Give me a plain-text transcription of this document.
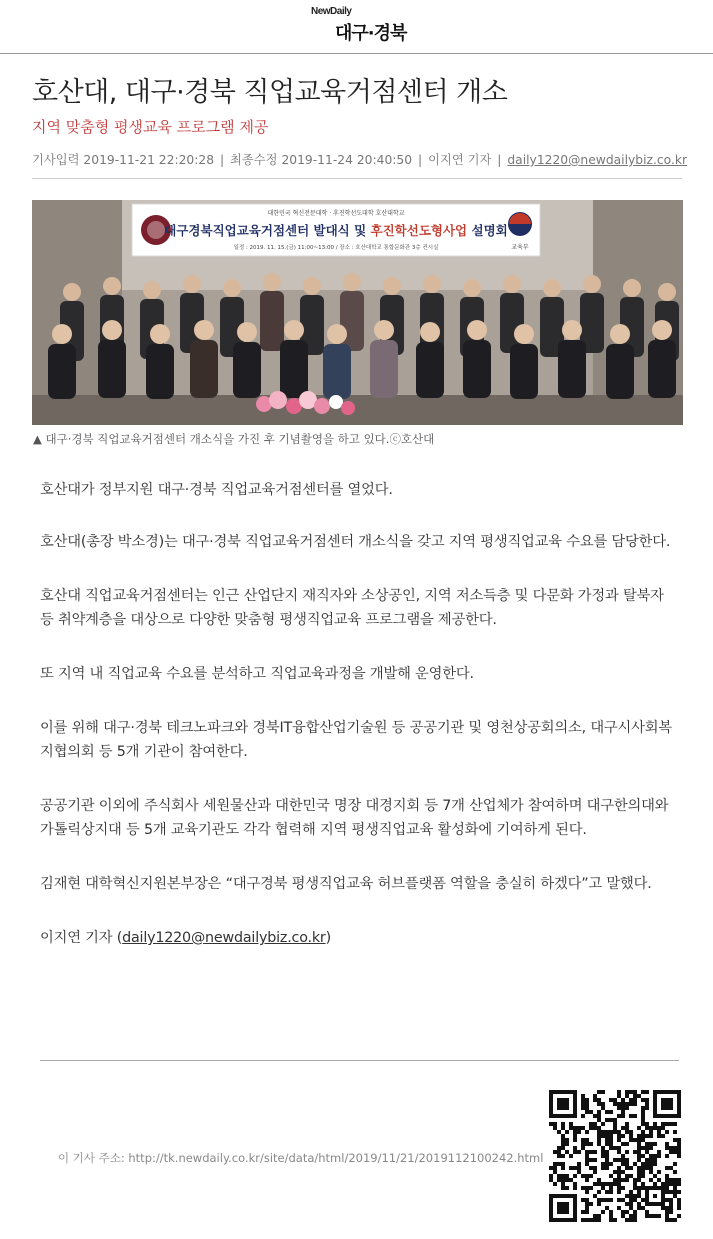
NewDaily
대구·경북
호산대, 대구·경북 직업교육거점센터 개소
지역 맞춤형 평생교육 프로그램 제공
기사입력 2019-11-21 22:20:28 | 최종수정 2019-11-24 20:40:50 | 이지연 기자 | daily1220@newdailybiz.co.kr
교육부
대한민국 혁신전문대학 · 후진학선도대학 호산대학교
대구경북직업교육거점센터 발대식 및 후진학선도형사업 설명회
일정 : 2019. 11. 15.(금) 11:00~13:00 / 장소 : 호산대학교 통합문화관 3층 컨시실
▲ 대구·경북 직업교육거점센터 개소식을 가진 후 기념촬영을 하고 있다.ⓒ호산대

호산대가 정부지원 대구·경북 직업교육거점센터를 열었다.

호산대(총장 박소경)는 대구·경북 직업교육거점센터 개소식을 갖고 지역 평생직업교육 수요를 담당한다.

호산대 직업교육거점센터는 인근 산업단지 재직자와 소상공인, 지역 저소득층 및 다문화 가정과 탈북자 등 취약계층을 대상으로 다양한 맞춤형 평생직업교육 프로그램을 제공한다.

또 지역 내 직업교육 수요를 분석하고 직업교육과정을 개발해 운영한다.

이를 위해 대구·경북 테크노파크와 경북IT융합산업기술원 등 공공기관 및 영천상공회의소, 대구시사회복지협의회 등 5개 기관이 참여한다.

공공기관 이외에 주식회사 세원물산과 대한민국 명장 대경지회 등 7개 산업체가 참여하며 대구한의대와 가톨릭상지대 등 5개 교육기관도 각각 협력해 지역 평생직업교육 활성화에 기여하게 된다.

김재현 대학혁신지원본부장은 “대구경북 평생직업교육 허브플랫폼 역할을 충실히 하겠다”고 말했다.

이지연 기자 (daily1220@newdailybiz.co.kr)

이 기사 주소: http://tk.newdaily.co.kr/site/data/html/2019/11/21/2019112100242.html
